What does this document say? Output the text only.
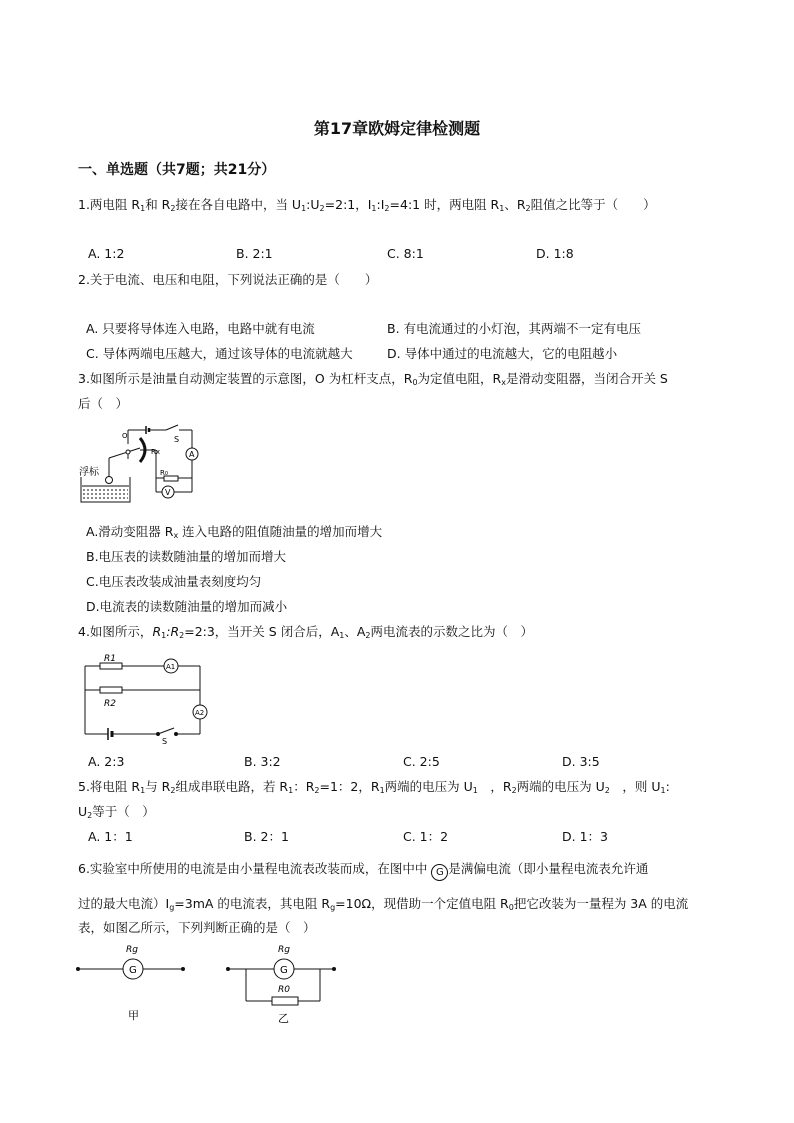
第17章欧姆定律检测题
一、单选题（共7题；共21分）
1.两电阻 $R_1$和 $R_2$接在各自电路中，当 $U_1:U_2=2:1$，$I_1:I_2=4:1$ 时，两电阻 $R_1$、$R_2$阻值之比等于（　　）
A. 1:2	B. 2:1	C. 8:1	D. 1:8
2.关于电流、电压和电阻，下列说法正确的是（　　）
A. 只要将导体连入电路，电路中就有电流	B. 有电流通过的小灯泡，其两端不一定有电压
C. 导体两端电压越大，通过该导体的电流就越大	D. 导体中通过的电流越大，它的电阻越小
3.如图所示是油量自动测定装置的示意图，O 为杠杆支点，$R_0$为定值电阻，$R_x$是滑动变阻器，当闭合开关 S
后（　）
浮标
S
A
V
Rx
R0
O
A.滑动变阻器 $R_x$ 连入电路的阻值随油量的增加而增大
B.电压表的读数随油量的增加而增大
C.电压表改装成油量表刻度均匀
D.电流表的读数随油量的增加而减小
4.如图所示，$R_1:R_2=2:3$，当开关 S 闭合后，$A_1$、$A_2$两电流表的示数之比为（　）
R1
R2
A1
A2
S
A. 2:3	B. 3:2	C. 2:5	D. 3:5
5.将电阻 $R_1$与 $R_2$组成串联电路，若 $R_1$：$R_2=1$：2，$R_1$两端的电压为 $U_1$　，$R_2$两端的电压为 $U_2$　，则 $U_1$:
$U_2$等于（　）
A. 1：1	B. 2：1	C. 1：2	D. 1：3
6.实验室中所使用的电流是由小量程电流表改装而成，在图中中 G 是满偏电流（即小量程电流表允许通
过的最大电流）$I_g=3mA$ 的电流表，其电阻 $R_g=10\Omega$，现借助一个定值电阻 $R_0$把它改装为一量程为 3A 的电流
表，如图乙所示，下列判断正确的是（　）
Rg
G
甲
Rg
G
R0
乙
